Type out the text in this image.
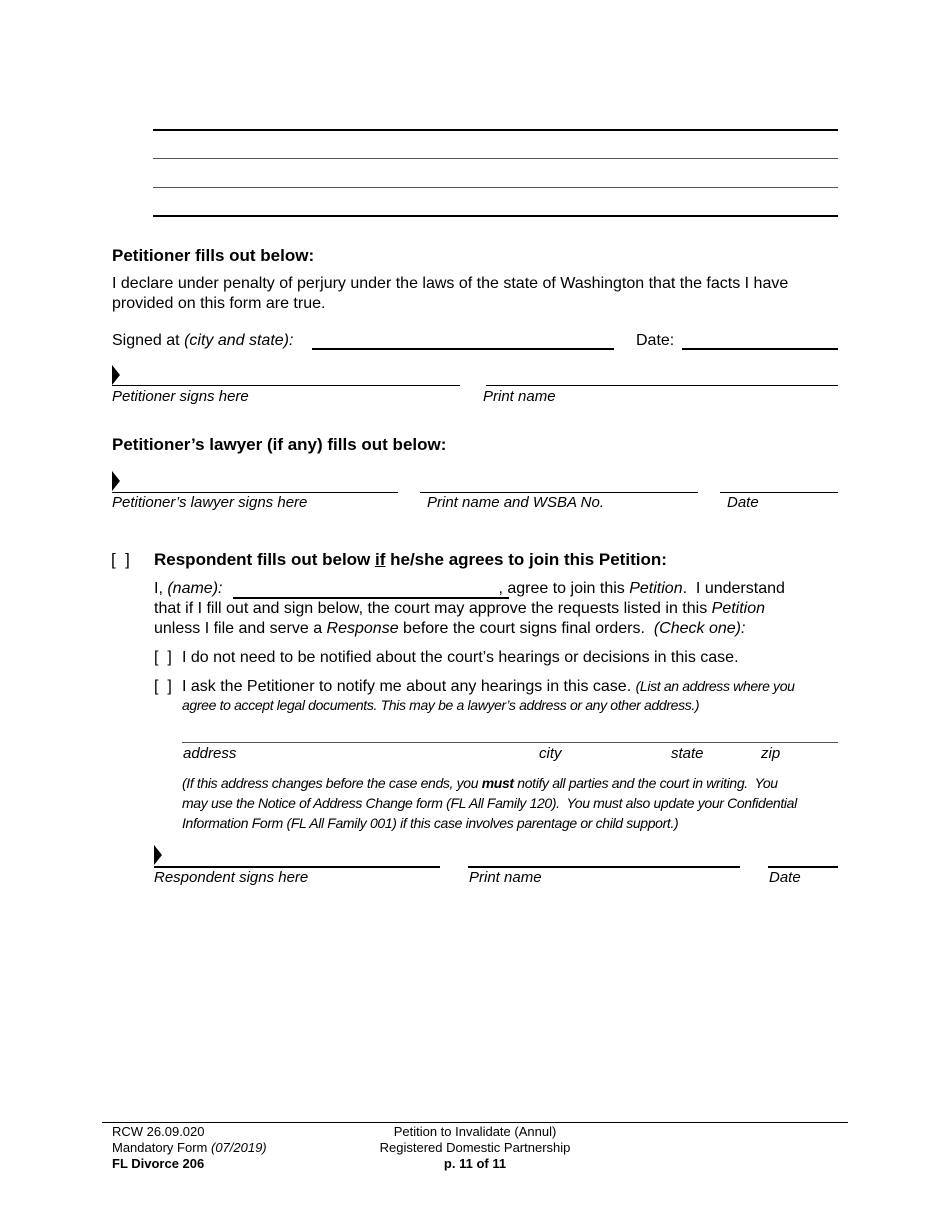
Petitioner fills out below:
I declare under penalty of perjury under the laws of the state of Washington that the facts I have provided on this form are true.
Signed at (city and state):	Date:
Petitioner signs here	Print name
Petitioner’s lawyer (if any) fills out below:
Petitioner’s lawyer signs here	Print name and WSBA No.	Date
[  ] Respondent fills out below if he/she agrees to join this Petition:
I, (name):	, agree to join this Petition.  I understand
that if I fill out and sign below, the court may approve the requests listed in this Petition
unless I file and serve a Response before the court signs final orders.  (Check one):
[  ] I do not need to be notified about the court’s hearings or decisions in this case.
[  ] I ask the Petitioner to notify me about any hearings in this case. (List an address where you
agree to accept legal documents. This may be a lawyer’s address or any other address.)
address	city	state	zip
(If this address changes before the case ends, you must notify all parties and the court in writing.  You
may use the Notice of Address Change form (FL All Family 120).  You must also update your Confidential
Information Form (FL All Family 001) if this case involves parentage or child support.)
Respondent signs here	Print name	Date
RCW 26.09.020
Mandatory Form (07/2019)
FL Divorce 206
Petition to Invalidate (Annul)
Registered Domestic Partnership
p. 11 of 11
